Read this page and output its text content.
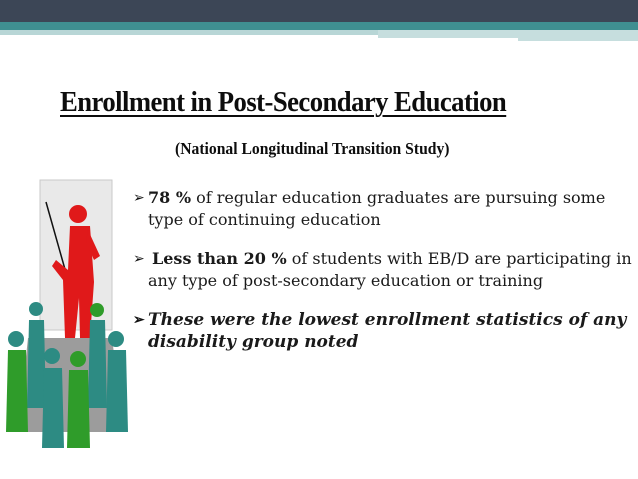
Enrollment in Post-Secondary Education
(National Longitudinal Transition Study)
➢ 78 % of regular education graduates are pursuing some type of continuing education
➢ Less than 20 % of students with EB/D are participating in any type of post-secondary education or training
➢ These were the lowest enrollment statistics of any disability group noted
